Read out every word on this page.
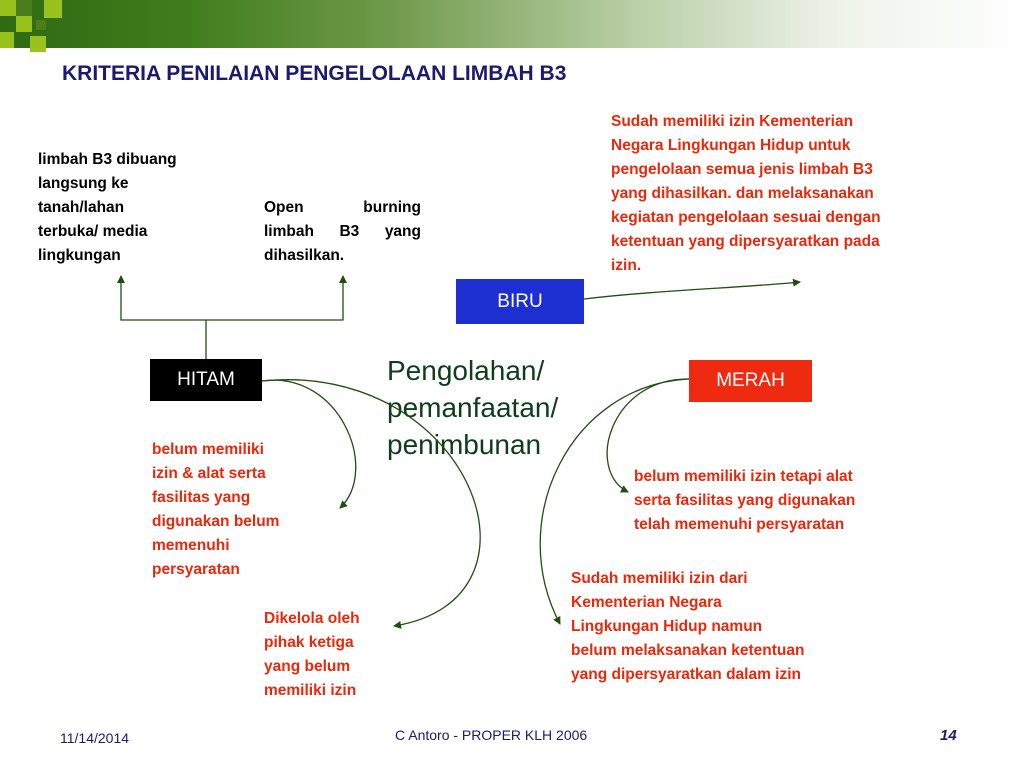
KRITERIA PENILAIAN PENGELOLAAN LIMBAH B3
limbah B3 dibuang
langsung ke
tanah/lahan
terbuka/ media
lingkungan
Open burning
limbah B3 yang
dihasilkan.
Sudah memiliki izin Kementerian
Negara Lingkungan Hidup untuk
pengelolaan semua jenis limbah B3
yang dihasilkan. dan melaksanakan
kegiatan pengelolaan sesuai dengan
ketentuan yang dipersyaratkan pada
izin.
BIRU
HITAM	MERAH
Pengolahan/
pemanfaatan/
penimbunan
belum memiliki
izin & alat serta
fasilitas yang
digunakan belum
memenuhi
persyaratan
Dikelola oleh
pihak ketiga
yang belum
memiliki izin
belum memiliki izin tetapi alat
serta fasilitas yang digunakan
telah memenuhi persyaratan
Sudah memiliki izin dari
Kementerian Negara
Lingkungan Hidup namun
belum melaksanakan ketentuan
yang dipersyaratkan dalam izin
11/14/2014	C Antoro - PROPER KLH 2006	14
